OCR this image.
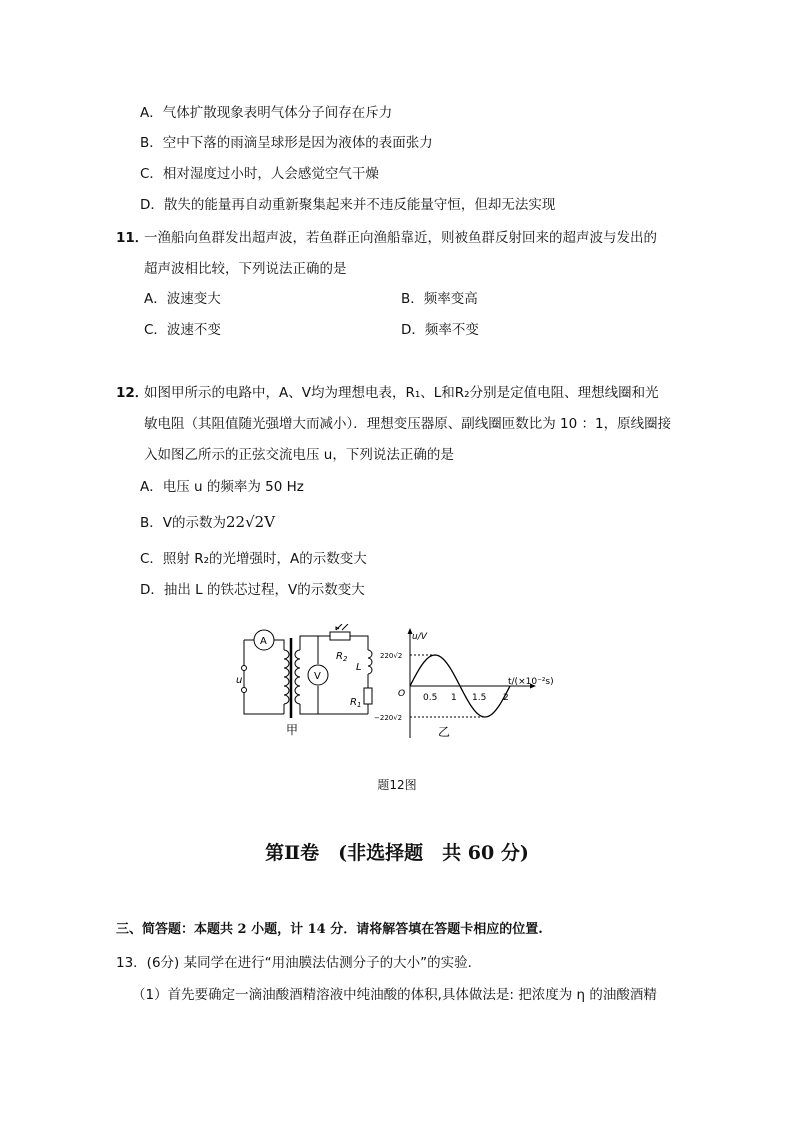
A．气体扩散现象表明气体分子间存在斥力
B．空中下落的雨滴呈球形是因为液体的表面张力
C．相对湿度过小时，人会感觉空气干燥
D．散失的能量再自动重新聚集起来并不违反能量守恒，但却无法实现
11．
一渔船向鱼群发出超声波，若鱼群正向渔船靠近，则被鱼群反射回来的超声波与发出的
超声波相比较，下列说法正确的是
A．波速变大	B．频率变高
C．波速不变	D．频率不变
12．
如图甲所示的电路中，A、V均为理想电表，R₁、L和R₂分别是定值电阻、理想线圈和光
敏电阻（其阻值随光强增大而减小）．理想变压器原、副线圈匝数比为 10 ：1，原线圈接
入如图乙所示的正弦交流电压 u，下列说法正确的是
A．电压 u 的频率为 50 Hz
B．V的示数为22√2V
C．照射 R₂的光增强时，A的示数变大
D．抽出 L 的铁芯过程，V的示数变大
A
V
u
$R_2$
L
$R_1$
甲
u/V
t/(×10⁻²s)
O
220√2
−220√2
0.5 1 1.5 2
乙
题12图
第Ⅱ卷　(非选择题　共 60 分)
三、简答题：本题共 2 小题，计 14 分．请将解答填在答题卡相应的位置.
13．(6分) 某同学在进行“用油膜法估测分子的大小”的实验．
（1）首先要确定一滴油酸酒精溶液中纯油酸的体积,具体做法是: 把浓度为 η 的油酸酒精
